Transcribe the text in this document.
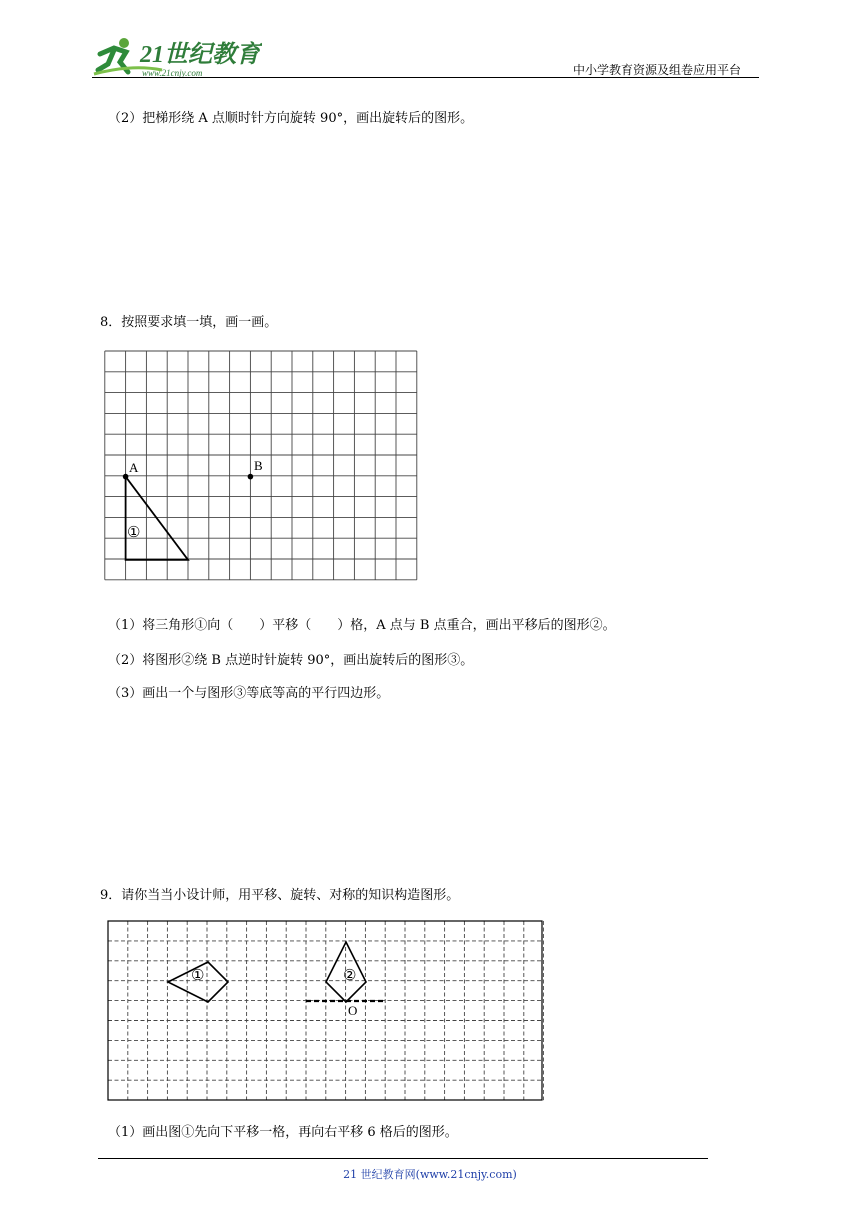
21世纪教育
www.21cnjy.com	中小学教育资源及组卷应用平台
（2）把梯形绕 A 点顺时针方向旋转 90°，画出旋转后的图形。
8．按照要求填一填，画一画。
A	B
①
（1）将三角形①向（　　）平移（　　）格，A 点与 B 点重合，画出平移后的图形②。
（2）将图形②绕 B 点逆时针旋转 90°，画出旋转后的图形③。
（3）画出一个与图形③等底等高的平行四边形。
9．请你当当小设计师，用平移、旋转、对称的知识构造图形。
①	②
O
（1）画出图①先向下平移一格，再向右平移 6 格后的图形。
21 世纪教育网(www.21cnjy.com)
